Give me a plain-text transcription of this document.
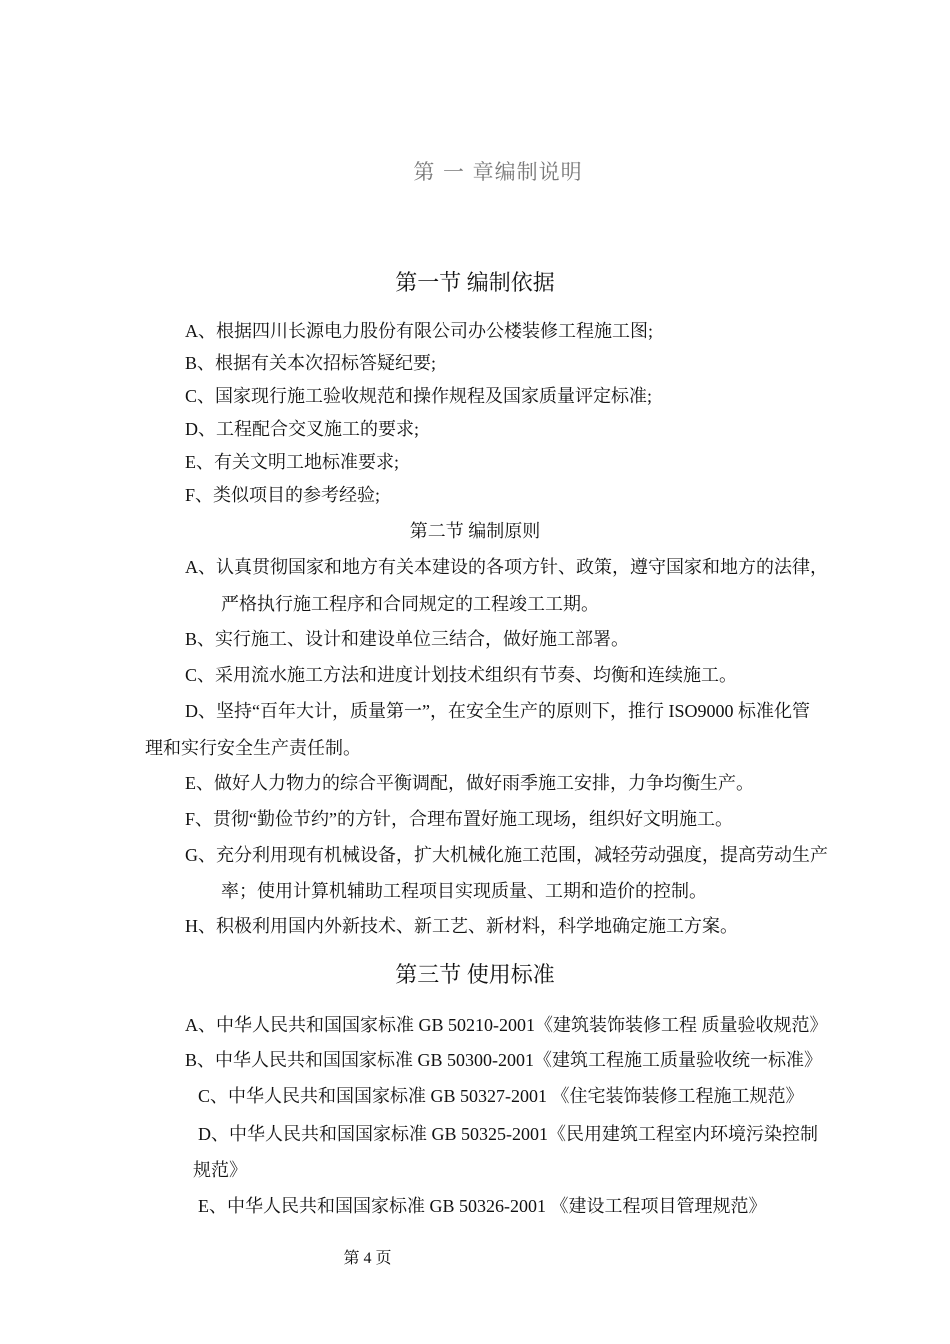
第 一 章编制说明
第一节 编制依据
A、根据四川长源电力股份有限公司办公楼装修工程施工图;
B、根据有关本次招标答疑纪要;
C、国家现行施工验收规范和操作规程及国家质量评定标准;
D、工程配合交叉施工的要求;
E、有关文明工地标准要求;
F、类似项目的参考经验;
第二节 编制原则
A、认真贯彻国家和地方有关本建设的各项方针、政策，遵守国家和地方的法律，
严格执行施工程序和合同规定的工程竣工工期。
B、实行施工、设计和建设单位三结合，做好施工部署。
C、采用流水施工方法和进度计划技术组织有节奏、均衡和连续施工。
D、坚持“百年大计，质量第一”，在安全生产的原则下，推行 ISO9000 标准化管
理和实行安全生产责任制。
E、做好人力物力的综合平衡调配，做好雨季施工安排，力争均衡生产。
F、贯彻“勤俭节约”的方针，合理布置好施工现场，组织好文明施工。
G、充分利用现有机械设备，扩大机械化施工范围，减轻劳动强度，提高劳动生产
率；使用计算机辅助工程项目实现质量、工期和造价的控制。
H、积极利用国内外新技术、新工艺、新材料，科学地确定施工方案。
第三节 使用标准
A、中华人民共和国国家标准 GB 50210-2001《建筑装饰装修工程 质量验收规范》
B、中华人民共和国国家标准 GB 50300-2001《建筑工程施工质量验收统一标准》
C、中华人民共和国国家标准 GB 50327-2001 《住宅装饰装修工程施工规范》
D、中华人民共和国国家标准 GB 50325-2001《民用建筑工程室内环境污染控制
规范》
E、中华人民共和国国家标准 GB 50326-2001 《建设工程项目管理规范》
第 4 页
